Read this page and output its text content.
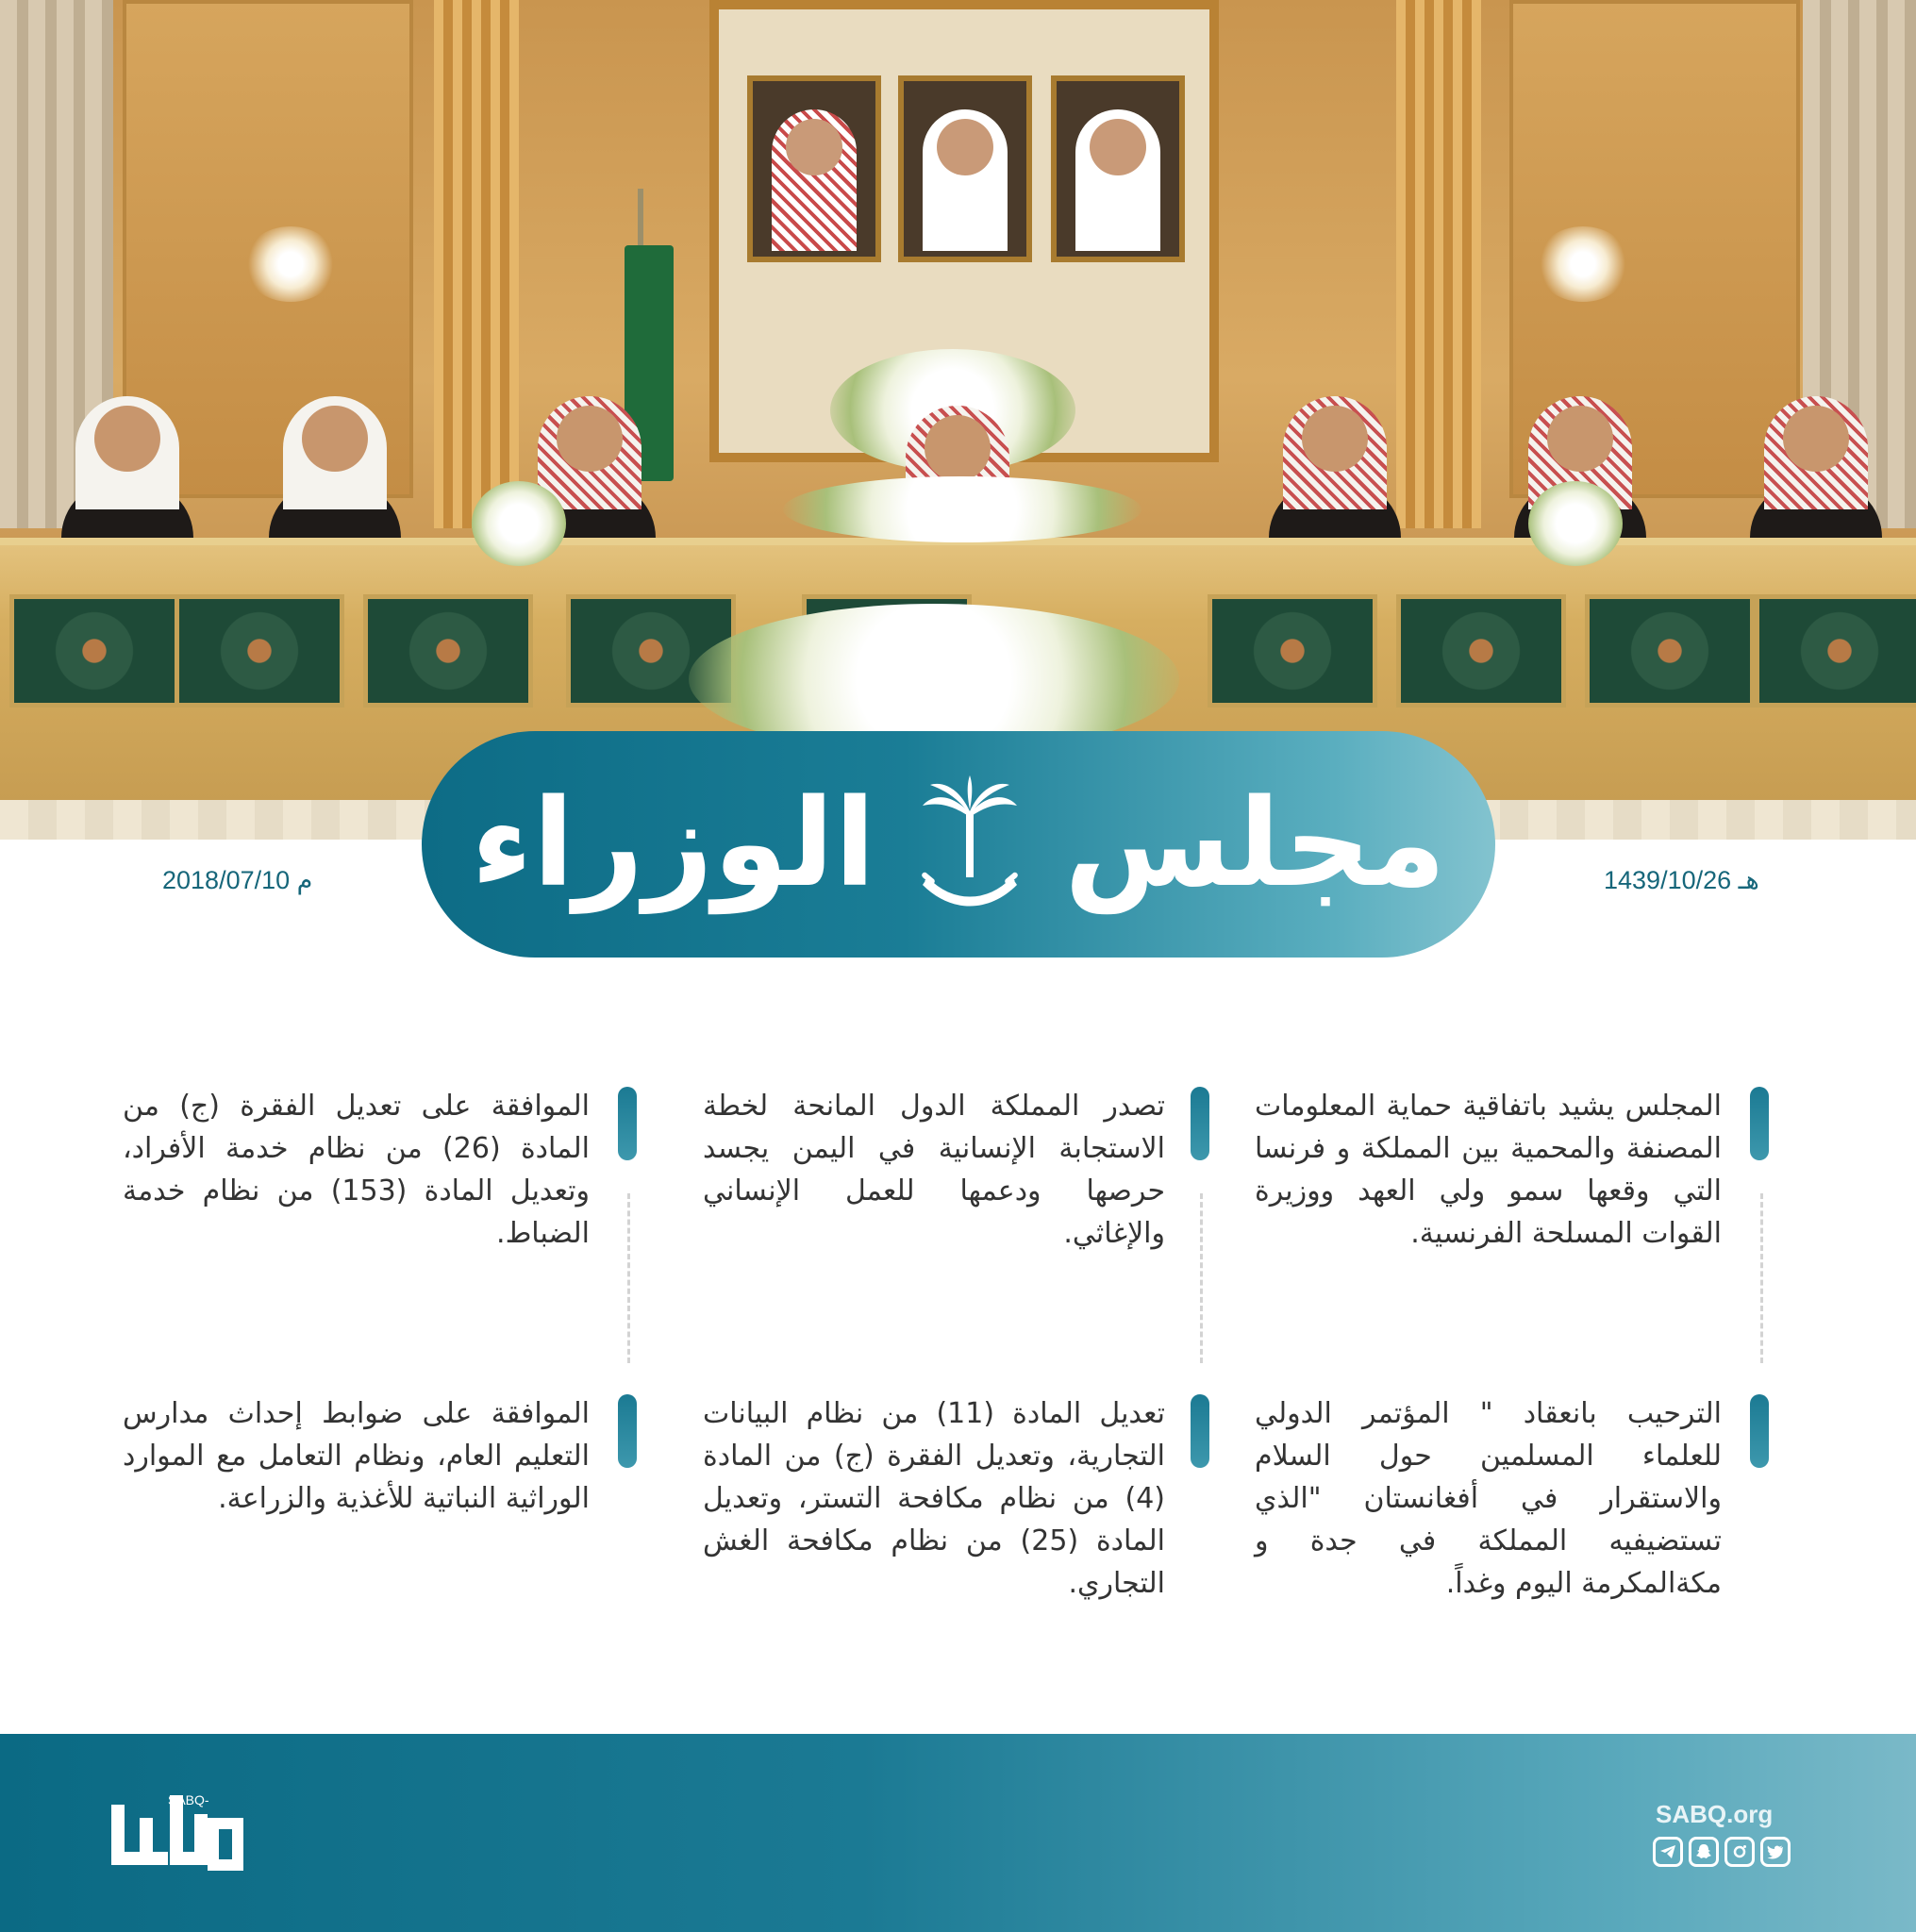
مجلس
الوزراء	1439/10/26 هـ
2018/07/10 م
المجلس يشيد باتفاقية حماية المعلومات المصنفة والمحمية بين المملكة و فرنسا التي وقعها سمو ولي العهد ووزيرة القوات المسلحة الفرنسية.
الترحيب بانعقاد " المؤتمر الدولي للعلماء المسلمين حول السلام والاستقرار في أفغانستان "الذي تستضيفيه المملكة في جدة و مكةالمكرمة اليوم وغداً.
تصدر المملكة الدول المانحة لخطة الاستجابة الإنسانية في اليمن يجسد حرصها ودعمها للعمل الإنساني والإغاثي.
تعديل المادة (11) من نظام البيانات التجارية، وتعديل الفقرة (ج) من المادة (4) من نظام مكافحة التستر، وتعديل المادة (25) من نظام مكافحة الغش التجاري.
الموافقة على تعديل الفقرة (ج) من المادة (26) من نظام خدمة الأفراد، وتعديل المادة (153) من نظام خدمة الضباط.
الموافقة على ضوابط إحداث مدارس التعليم العام، ونظام التعامل مع الموارد الوراثية النباتية للأغذية والزراعة.
SABQ-	SABQ.org
